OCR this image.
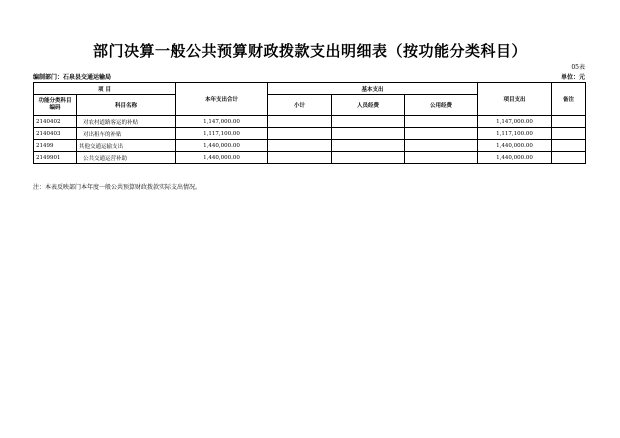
部门决算一般公共预算财政拨款支出明细表（按功能分类科目）
05表
编制部门：石泉县交通运输局	单位：元
项 目		本年支出合计	基本支出			项目支出	备注
功能分类科目编码	科目名称		小计	人员经费	公用经费		
2140402	对农村道路客运的补贴	1,147,000.00				1,147,000.00	
2140403	对出租车的补贴	1,117,100.00				1,117,100.00	
21499	其他交通运输支出	1,440,000.00				1,440,000.00	
2149901	公共交通运营补助	1,440,000.00				1,440,000.00	
注：本表反映部门本年度一般公共预算财政拨款实际支出情况。
